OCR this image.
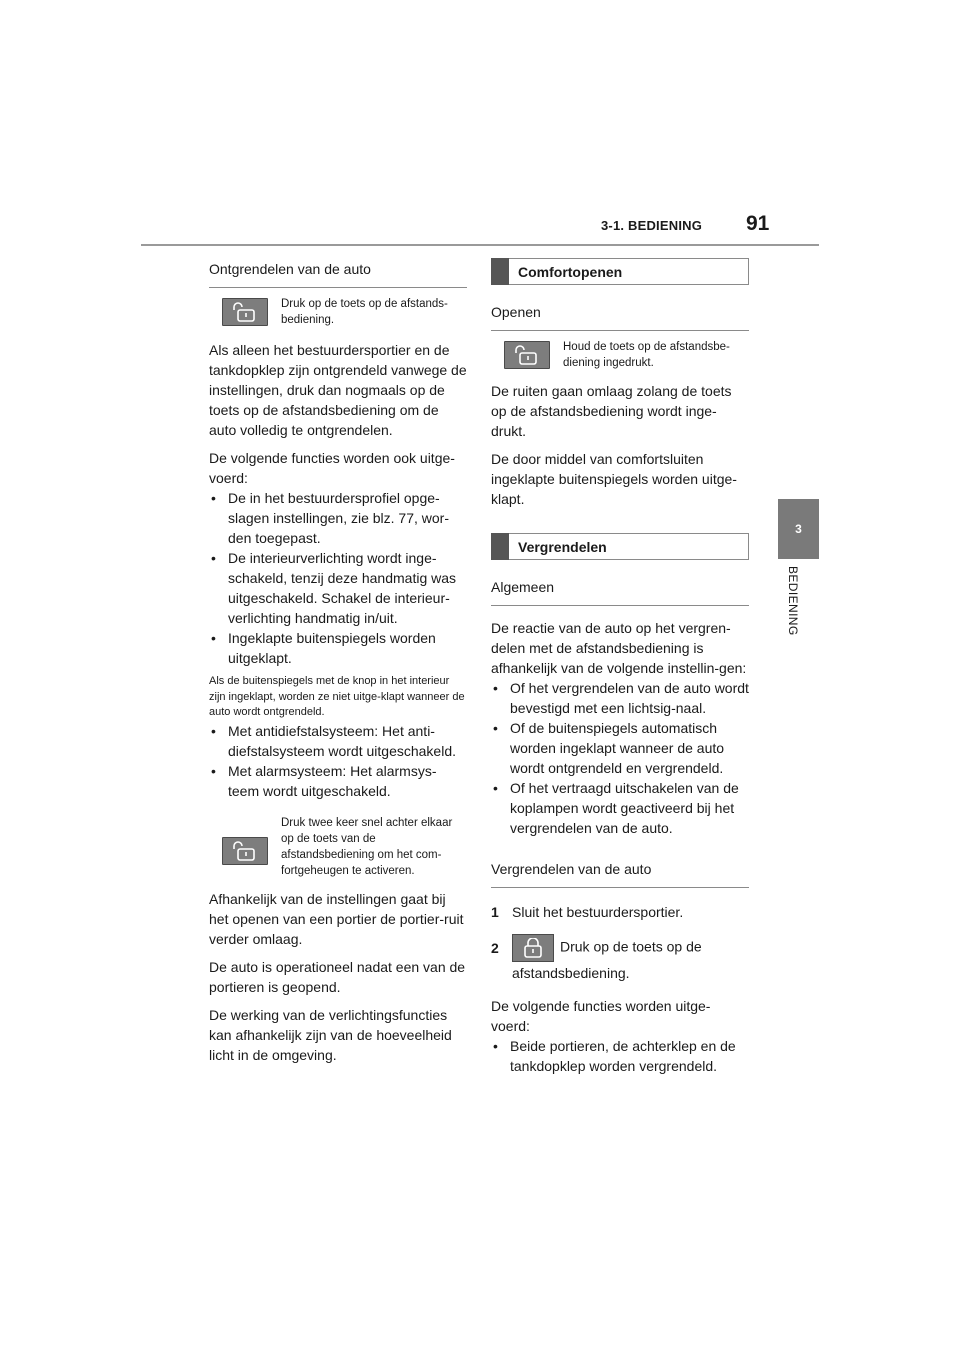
3-1. BEDIENING 91
3
BEDIENING
Ontgrendelen van de auto
Druk op de toets op de afstands-
bediening.

Als alleen het bestuurdersportier en de tankdopklep zijn ontgrendeld vanwege de instellingen, druk dan nogmaals op de toets op de afstandsbediening om de auto volledig te ontgrendelen.

De volgende functies worden ook uitge-voerd:

• De in het bestuurdersprofiel opge-slagen instellingen, zie blz. 77, wor-den toegepast.
• De interieurverlichting wordt inge-schakeld, tenzij deze handmatig was uitgeschakeld. Schakel de interieur-verlichting handmatig in/uit.
• Ingeklapte buitenspiegels worden uitgeklapt.

Als de buitenspiegels met de knop in het interieur zijn ingeklapt, worden ze niet uitge-klapt wanneer de auto wordt ontgrendeld.

• Met antidiefstalsysteem: Het anti-diefstalsysteem wordt uitgeschakeld.
• Met alarmsysteem: Het alarmsys-teem wordt uitgeschakeld.
Druk twee keer snel achter elkaar op de toets van de afstandsbediening om het com-fortgeheugen te activeren.

Afhankelijk van de instellingen gaat bij het openen van een portier de portier-ruit verder omlaag.

De auto is operationeel nadat een van de portieren is geopend.

De werking van de verlichtingsfuncties kan afhankelijk zijn van de hoeveelheid licht in de omgeving.

Comfortopenen
Openen
Houd de toets op de afstandsbe-diening ingedrukt.

De ruiten gaan omlaag zolang de toets op de afstandsbediening wordt inge-drukt.

De door middel van comfortsluiten ingeklapte buitenspiegels worden uitge-klapt.

Vergrendelen
Algemeen

De reactie van de auto op het vergren-delen met de afstandsbediening is afhankelijk van de volgende instellin-gen:

• Of het vergrendelen van de auto wordt bevestigd met een lichtsig-naal.
• Of de buitenspiegels automatisch worden ingeklapt wanneer de auto wordt ontgrendeld en vergrendeld.
• Of het vertraagd uitschakelen van de koplampen wordt geactiveerd bij het vergrendelen van de auto.
Vergrendelen van de auto
1 Sluit het bestuurdersportier.
2	Druk op de toets op de afstandsbediening.

De volgende functies worden uitge-voerd:

• Beide portieren, de achterklep en de tankdopklep worden vergrendeld.
